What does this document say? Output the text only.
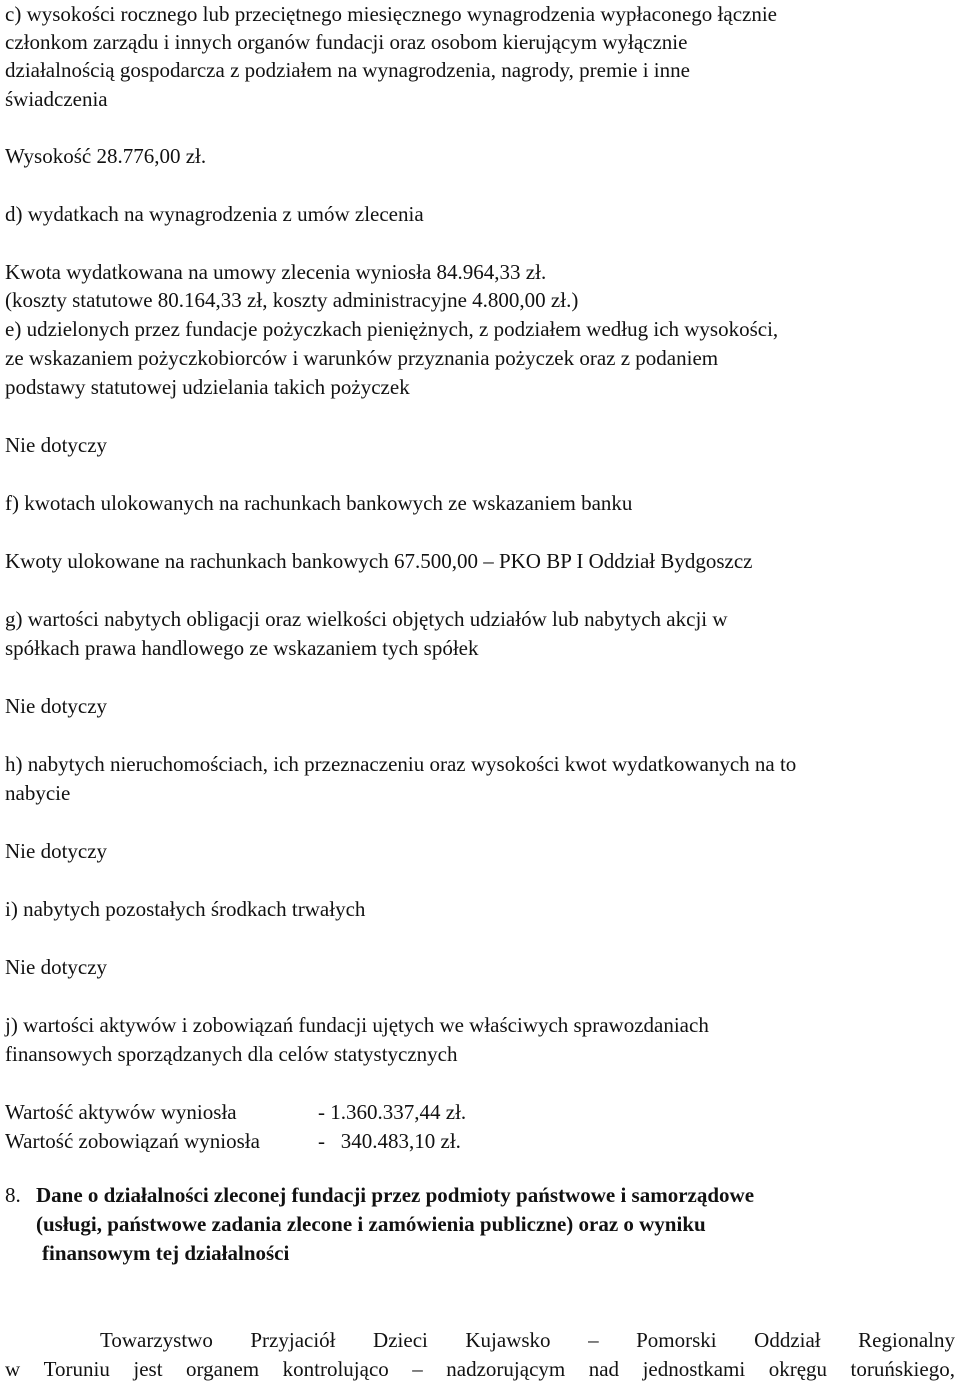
c) wysokości rocznego lub przeciętnego miesięcznego wynagrodzenia wypłaconego łącznie
członkom zarządu i innych organów fundacji oraz osobom kierującym wyłącznie
działalnością gospodarcza z podziałem na wynagrodzenia, nagrody, premie i inne
świadczenia
Wysokość 28.776,00 zł.
d) wydatkach na wynagrodzenia z umów zlecenia
Kwota wydatkowana na umowy zlecenia wyniosła 84.964,33 zł.
(koszty statutowe 80.164,33 zł, koszty administracyjne 4.800,00 zł.)
e) udzielonych przez fundacje pożyczkach pieniężnych, z podziałem według ich wysokości,
ze wskazaniem pożyczkobiorców i warunków przyznania pożyczek oraz z podaniem
podstawy statutowej udzielania takich pożyczek
Nie dotyczy
f) kwotach ulokowanych na rachunkach bankowych ze wskazaniem banku
Kwoty ulokowane na rachunkach bankowych 67.500,00 – PKO BP I Oddział Bydgoszcz
g) wartości nabytych obligacji oraz wielkości objętych udziałów lub nabytych akcji w
spółkach prawa handlowego ze wskazaniem tych spółek
Nie dotyczy
h) nabytych nieruchomościach, ich przeznaczeniu oraz wysokości kwot wydatkowanych na to
nabycie
Nie dotyczy
i) nabytych pozostałych środkach trwałych
Nie dotyczy
j) wartości aktywów i zobowiązań fundacji ujętych we właściwych sprawozdaniach
finansowych sporządzanych dla celów statystycznych
Wartość aktywów wyniosła	- 1.360.337,44 zł.
Wartość zobowiązań wyniosła	-   340.483,10 zł.
8. Dane o działalności zleconej fundacji przez podmioty państwowe i samorządowe
(usługi, państwowe zadania zlecone i zamówienia publiczne) oraz o wyniku
finansowym tej działalności
Towarzystwo Przyjaciół Dzieci Kujawsko – Pomorski Oddział Regionalny
w Toruniu jest organem kontrolująco – nadzorującym nad jednostkami okręgu toruńskiego,
